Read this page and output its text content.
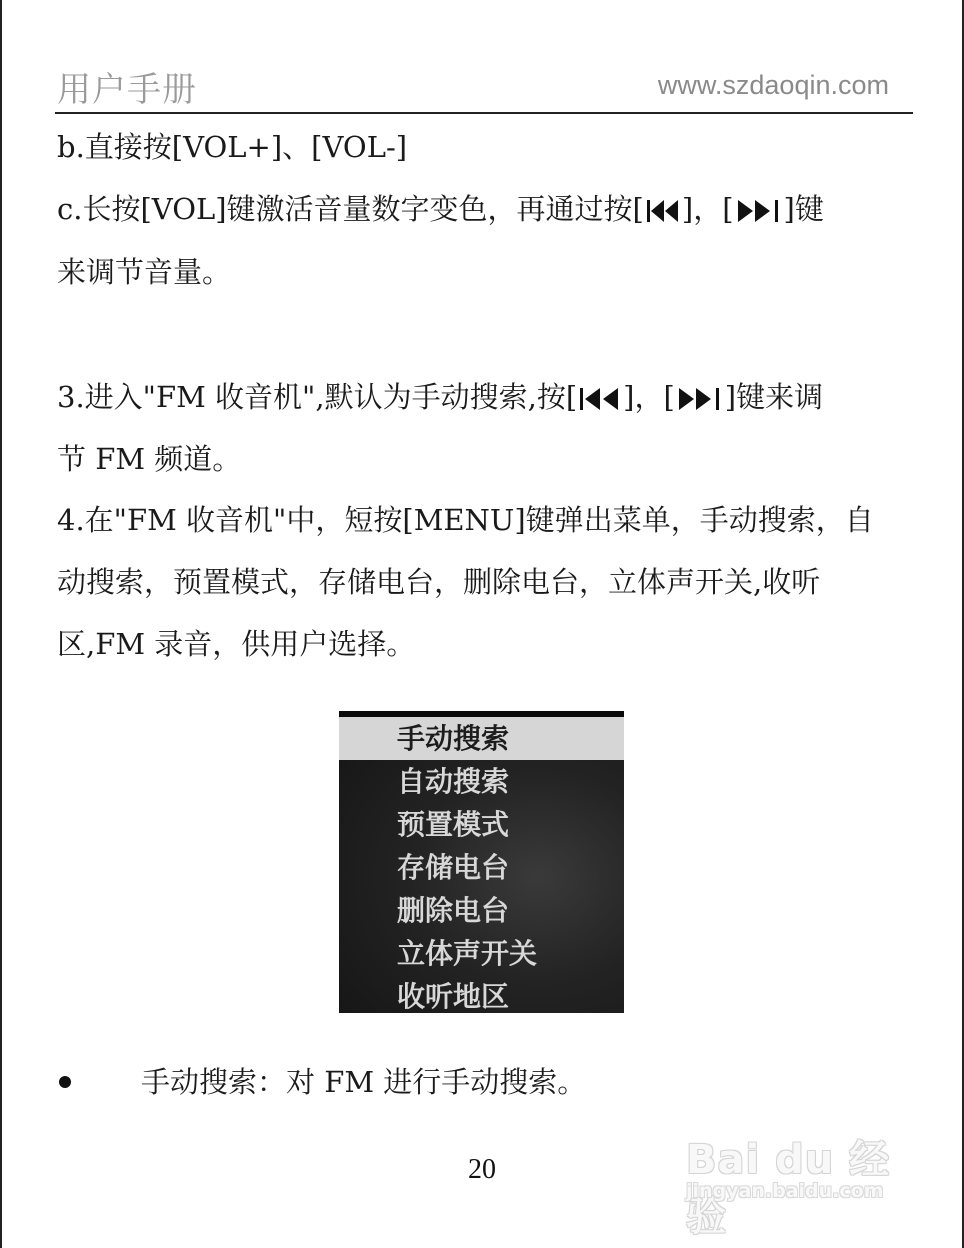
用户手册	www.szdaoqin.com
b.直接按[VOL+]、[VOL-]
c.长按[VOL]键激活音量数字变色，再通过按[ ]，[ ]键
来调节音量。
3.进入"FM 收音机",默认为手动搜索,按[ ]，[ ]键来调
节 FM 频道。
4.在"FM 收音机"中，短按[MENU]键弹出菜单，手动搜索，自
动搜索，预置模式，存储电台，删除电台，立体声开关,收听
区,FM 录音，供用户选择。
手动搜索
自动搜索
预置模式
存储电台
删除电台
立体声开关
收听地区
手动搜索：对 FM 进行手动搜索。
20	Bai du 经验
jingyan.baidu.com
